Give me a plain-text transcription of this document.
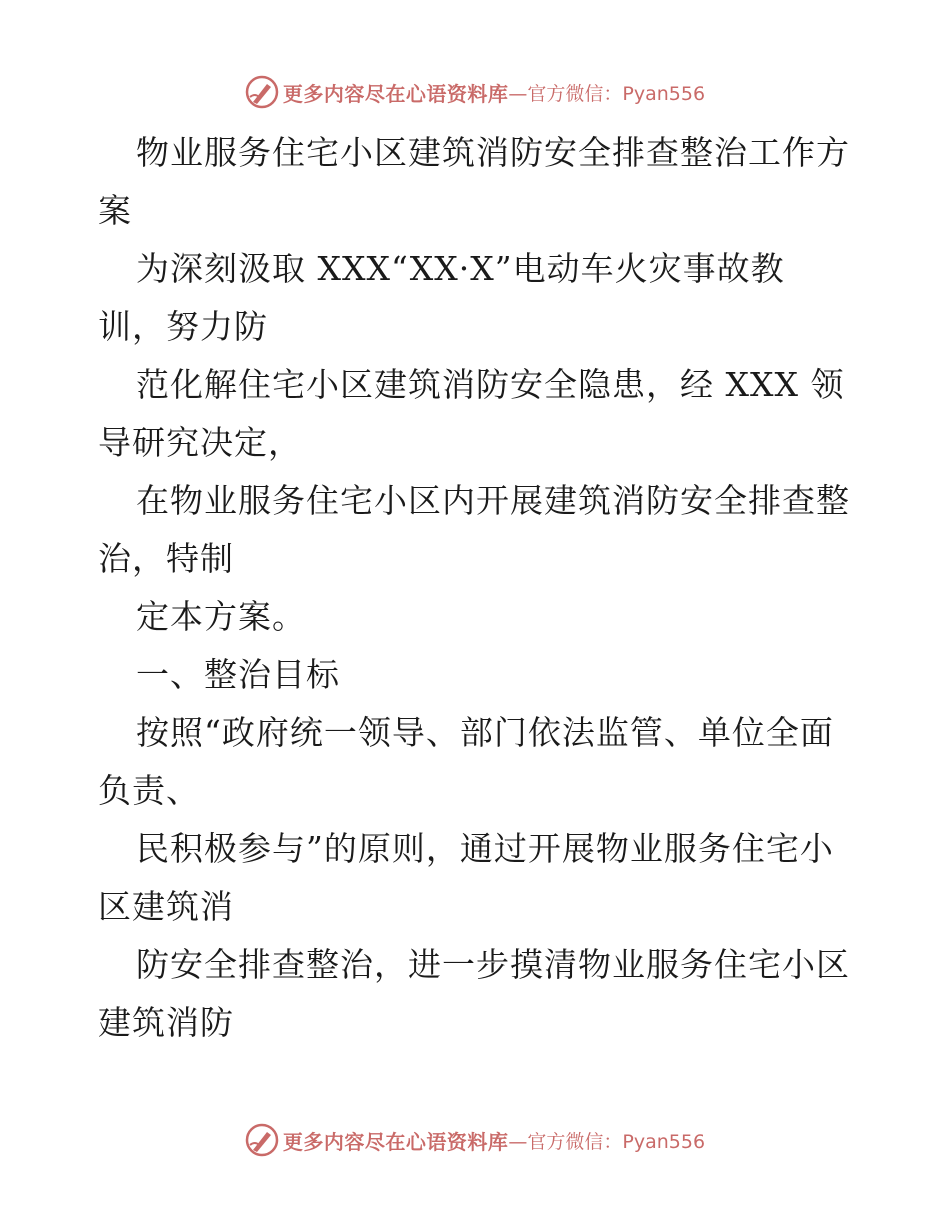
更多内容尽在心语资料库 —官方微信：Pyan556

物业服务住宅小区建筑消防安全排查整治工作方

案

为深刻汲取 XXX“XX·X”电动车火灾事故教

训，努力防

范化解住宅小区建筑消防安全隐患，经 XXX 领

导研究决定，

在物业服务住宅小区内开展建筑消防安全排查整

治，特制

定本方案。

一、整治目标

按照“政府统一领导、部门依法监管、单位全面

负责、

民积极参与”的原则，通过开展物业服务住宅小

区建筑消

防安全排查整治，进一步摸清物业服务住宅小区

建筑消防

更多内容尽在心语资料库 —官方微信：Pyan556
